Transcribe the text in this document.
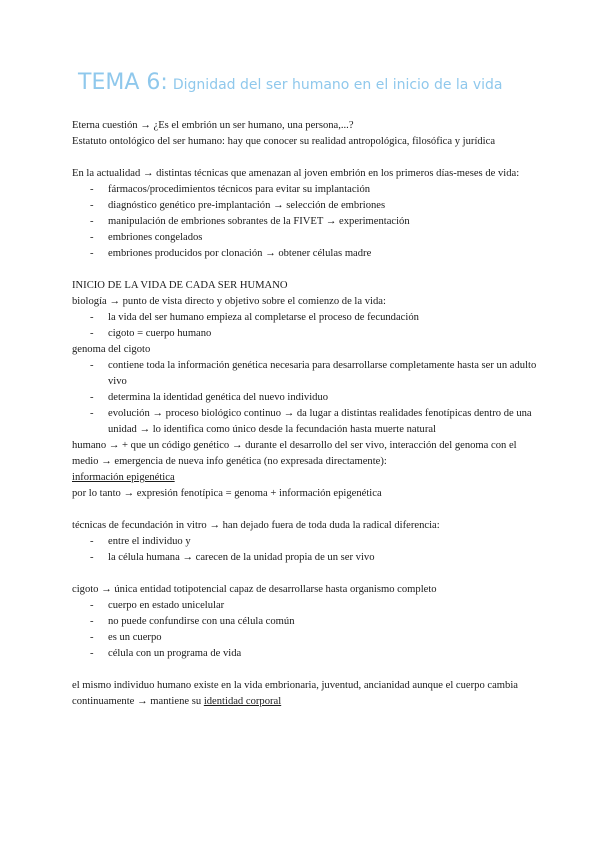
TEMA 6: Dignidad del ser humano en el inicio de la vida

Eterna cuestión → ¿Es el embrión un ser humano, una persona,...?

Estatuto ontológico del ser humano: hay que conocer su realidad antropológica, filosófica y jurídica

En la actualidad → distintas técnicas que amenazan al joven embrión en los primeros días-meses de vida:

- fármacos/procedimientos técnicos para evitar su implantación
- diagnóstico genético pre-implantación → selección de embriones
- manipulación de embriones sobrantes de la FIVET → experimentación
- embriones congelados
- embriones producidos por clonación → obtener células madre

INICIO DE LA VIDA DE CADA SER HUMANO

biología → punto de vista directo y objetivo sobre el comienzo de la vida:

- la vida del ser humano empieza al completarse el proceso de fecundación
- cigoto = cuerpo humano

genoma del cigoto

- contiene toda la información genética necesaria para desarrollarse completamente hasta ser un adulto vivo
- determina la identidad genética del nuevo individuo
- evolución → proceso biológico continuo → da lugar a distintas realidades fenotípicas dentro de una unidad → lo identifica como único desde la fecundación hasta muerte natural

humano → + que un código genético → durante el desarrollo del ser vivo, interacción del genoma con el medio → emergencia de nueva info genética (no expresada directamente):

información epigenética

por lo tanto → expresión fenotípica = genoma + información epigenética

técnicas de fecundación in vitro → han dejado fuera de toda duda la radical diferencia:

- entre el individuo y
- la célula humana → carecen de la unidad propia de un ser vivo

cigoto → única entidad totipotencial capaz de desarrollarse hasta organismo completo

- cuerpo en estado unicelular
- no puede confundirse con una célula común
- es un cuerpo
- célula con un programa de vida

el mismo individuo humano existe en la vida embrionaria, juventud, ancianidad aunque el cuerpo cambia continuamente → mantiene su identidad corporal
